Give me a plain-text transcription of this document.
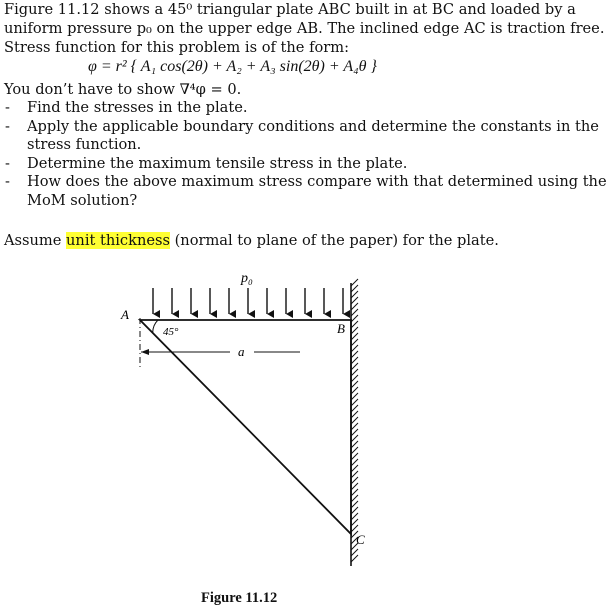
Figure 11.12 shows a 45⁰ triangular plate ABC built in at BC and loaded by a uniform pressure p₀ on the upper edge AB. The inclined edge AC is traction free. Stress function for this problem is of the form:
φ = r² { A₁ cos(2θ) + A₂ + A₃ sin(2θ) + A₄θ }
You don’t have to show ∇⁴φ = 0.
- Find the stresses in the plate.
- Apply the applicable boundary conditions and determine the constants in the stress function.
- Determine the maximum tensile stress in the plate.
- How does the above maximum stress compare with that determined using the MoM solution?
Assume unit thickness (normal to plane of the paper) for the plate.
p₀
A
B
C
45°
a
Figure 11.12
